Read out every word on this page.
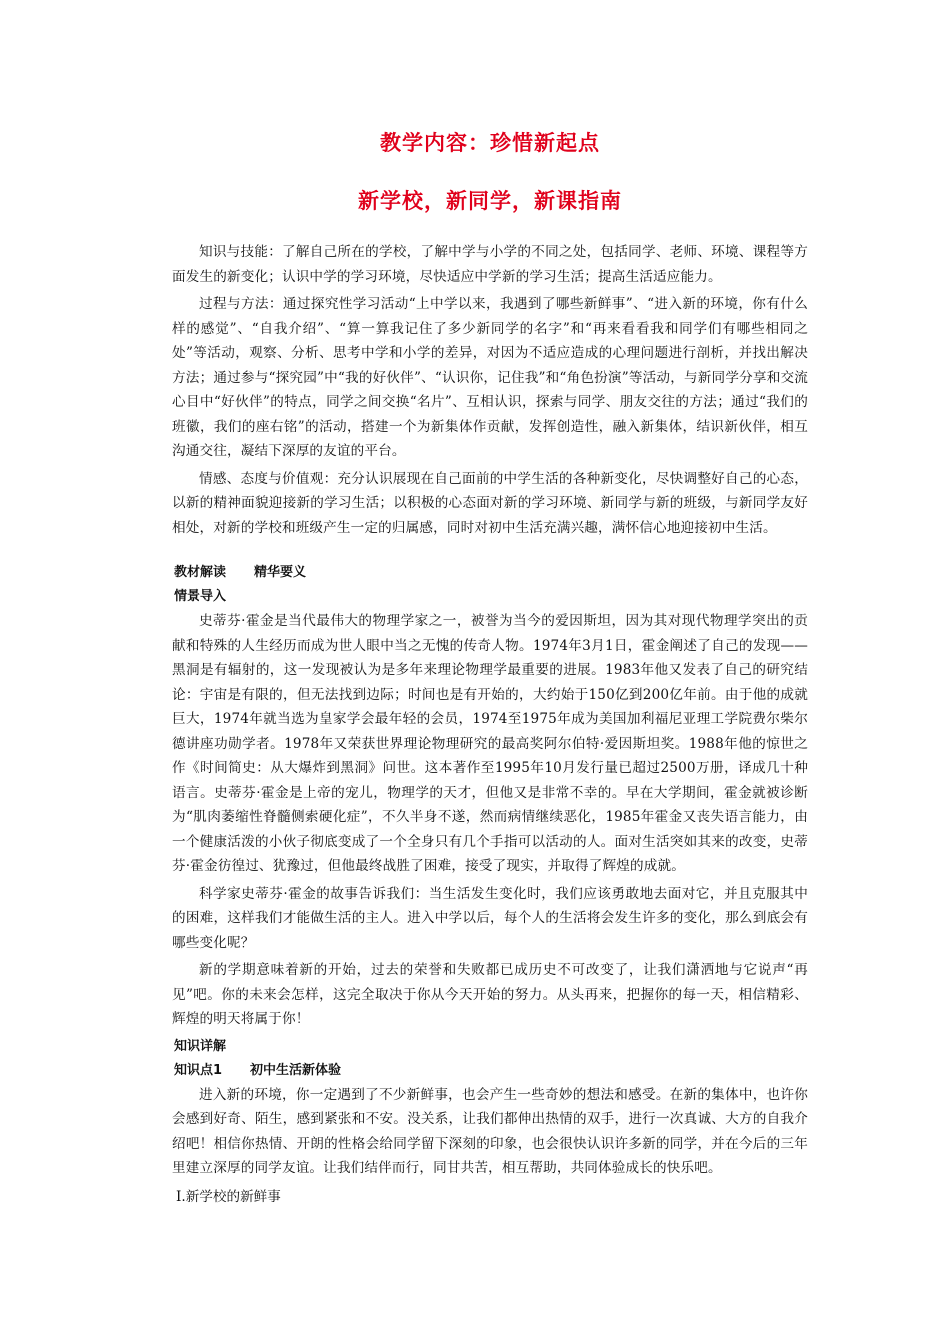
教学内容：珍惜新起点
新学校，新同学，新课指南

知识与技能：了解自己所在的学校，了解中学与小学的不同之处，包括同学、老师、环境、课程等方面发生的新变化；认识中学的学习环境，尽快适应中学新的学习生活；提高生活适应能力。

过程与方法：通过探究性学习活动“上中学以来，我遇到了哪些新鲜事”、“进入新的环境，你有什么样的感觉”、“自我介绍”、“算一算我记住了多少新同学的名字”和“再来看看我和同学们有哪些相同之处”等活动，观察、分析、思考中学和小学的差异，对因为不适应造成的心理问题进行剖析，并找出解决方法；通过参与“探究园”中“我的好伙伴”、“认识你，记住我”和“角色扮演”等活动，与新同学分享和交流心目中“好伙伴”的特点，同学之间交换“名片”、互相认识，探索与同学、朋友交往的方法；通过“我们的班徽，我们的座右铭”的活动，搭建一个为新集体作贡献，发挥创造性，融入新集体，结识新伙伴，相互沟通交往，凝结下深厚的友谊的平台。

情感、态度与价值观：充分认识展现在自己面前的中学生活的各种新变化，尽快调整好自己的心态，以新的精神面貌迎接新的学习生活；以积极的心态面对新的学习环境、新同学与新的班级，与新同学友好相处，对新的学校和班级产生一定的归属感，同时对初中生活充满兴趣，满怀信心地迎接初中生活。

教材解读 精华要义

情景导入

史蒂芬·霍金是当代最伟大的物理学家之一，被誉为当今的爱因斯坦，因为其对现代物理学突出的贡献和特殊的人生经历而成为世人眼中当之无愧的传奇人物。1974年3月1日，霍金阐述了自己的发现——黑洞是有辐射的，这一发现被认为是多年来理论物理学最重要的进展。1983年他又发表了自己的研究结论：宇宙是有限的，但无法找到边际；时间也是有开始的，大约始于150亿到200亿年前。由于他的成就巨大，1974年就当选为皇家学会最年轻的会员，1974至1975年成为美国加利福尼亚理工学院费尔柴尔德讲座功勋学者。1978年又荣获世界理论物理研究的最高奖阿尔伯特·爱因斯坦奖。1988年他的惊世之作《时间简史：从大爆炸到黑洞》问世。这本著作至1995年10月发行量已超过2500万册，译成几十种语言。史蒂芬·霍金是上帝的宠儿，物理学的天才，但他又是非常不幸的。早在大学期间，霍金就被诊断为“肌肉萎缩性脊髓侧索硬化症”，不久半身不遂，然而病情继续恶化，1985年霍金又丧失语言能力，由一个健康活泼的小伙子彻底变成了一个全身只有几个手指可以活动的人。面对生活突如其来的改变，史蒂芬·霍金彷徨过、犹豫过，但他最终战胜了困难，接受了现实，并取得了辉煌的成就。

科学家史蒂芬·霍金的故事告诉我们：当生活发生变化时，我们应该勇敢地去面对它，并且克服其中的困难，这样我们才能做生活的主人。进入中学以后，每个人的生活将会发生许多的变化，那么到底会有哪些变化呢？

新的学期意味着新的开始，过去的荣誉和失败都已成历史不可改变了，让我们潇洒地与它说声“再见”吧。你的未来会怎样，这完全取决于你从今天开始的努力。从头再来，把握你的每一天，相信精彩、辉煌的明天将属于你！

知识详解

知识点1 初中生活新体验

进入新的环境，你一定遇到了不少新鲜事，也会产生一些奇妙的想法和感受。在新的集体中，也许你会感到好奇、陌生，感到紧张和不安。没关系，让我们都伸出热情的双手，进行一次真诚、大方的自我介绍吧！相信你热情、开朗的性格会给同学留下深刻的印象，也会很快认识许多新的同学，并在今后的三年里建立深厚的同学友谊。让我们结伴而行，同甘共苦，相互帮助，共同体验成长的快乐吧。

Ⅰ.新学校的新鲜事
